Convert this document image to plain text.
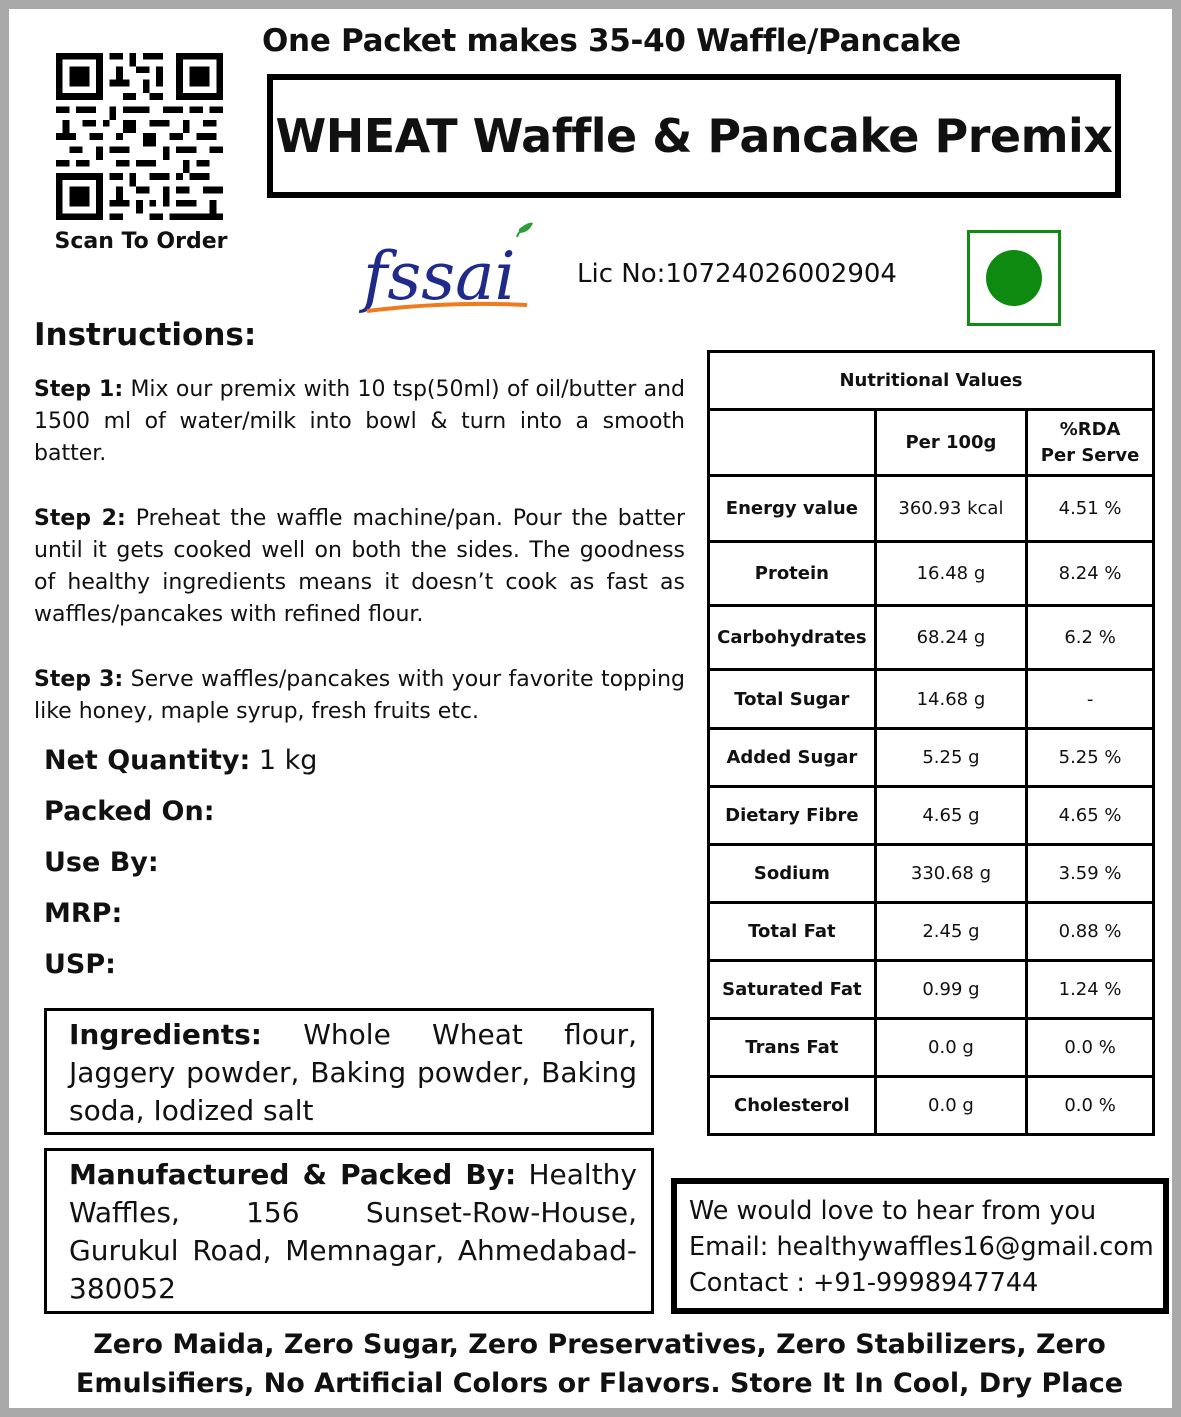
One Packet makes 35-40 Waffle/Pancake
WHEAT Waffle & Pancake Premix
Scan To Order fssai Lic No:10724026002904
Instructions:
Step 1: Mix our premix with 10 tsp(50ml) of oil/butter and 1500 ml of water/milk into bowl & turn into a smooth batter.
Step 2: Preheat the waffle machine/pan. Pour the batter until it gets cooked well on both the sides. The goodness of healthy ingredients means it doesn’t cook as fast as waffles/pancakes with refined flour.
Step 3: Serve waffles/pancakes with your favorite topping like honey, maple syrup, fresh fruits etc.
Net Quantity: 1 kg
Packed On:
Use By:
MRP:
USP:
Ingredients: Whole Wheat flour, Jaggery powder, Baking powder, Baking soda, Iodized salt
Manufactured & Packed By: Healthy Waffles, 156 Sunset-Row-House, Gurukul Road, Memnagar, Ahmedabad-380052
We would love to hear from you
Email: healthywaffles16@gmail.com
Contact : +91-9998947744
Nutritional Values		
	Per 100g	%RDA
Per Serve
Energy value	360.93 kcal	4.51 %
Protein	16.48 g	8.24 %
Carbohydrates	68.24 g	6.2 %
Total Sugar	14.68 g	-
Added Sugar	5.25 g	5.25 %
Dietary Fibre	4.65 g	4.65 %
Sodium	330.68 g	3.59 %
Total Fat	2.45 g	0.88 %
Saturated Fat	0.99 g	1.24 %
Trans Fat	0.0 g	0.0 %
Cholesterol	0.0 g	0.0 %
Zero Maida, Zero Sugar, Zero Preservatives, Zero Stabilizers, Zero
Emulsifiers, No Artificial Colors or Flavors. Store It In Cool, Dry Place
